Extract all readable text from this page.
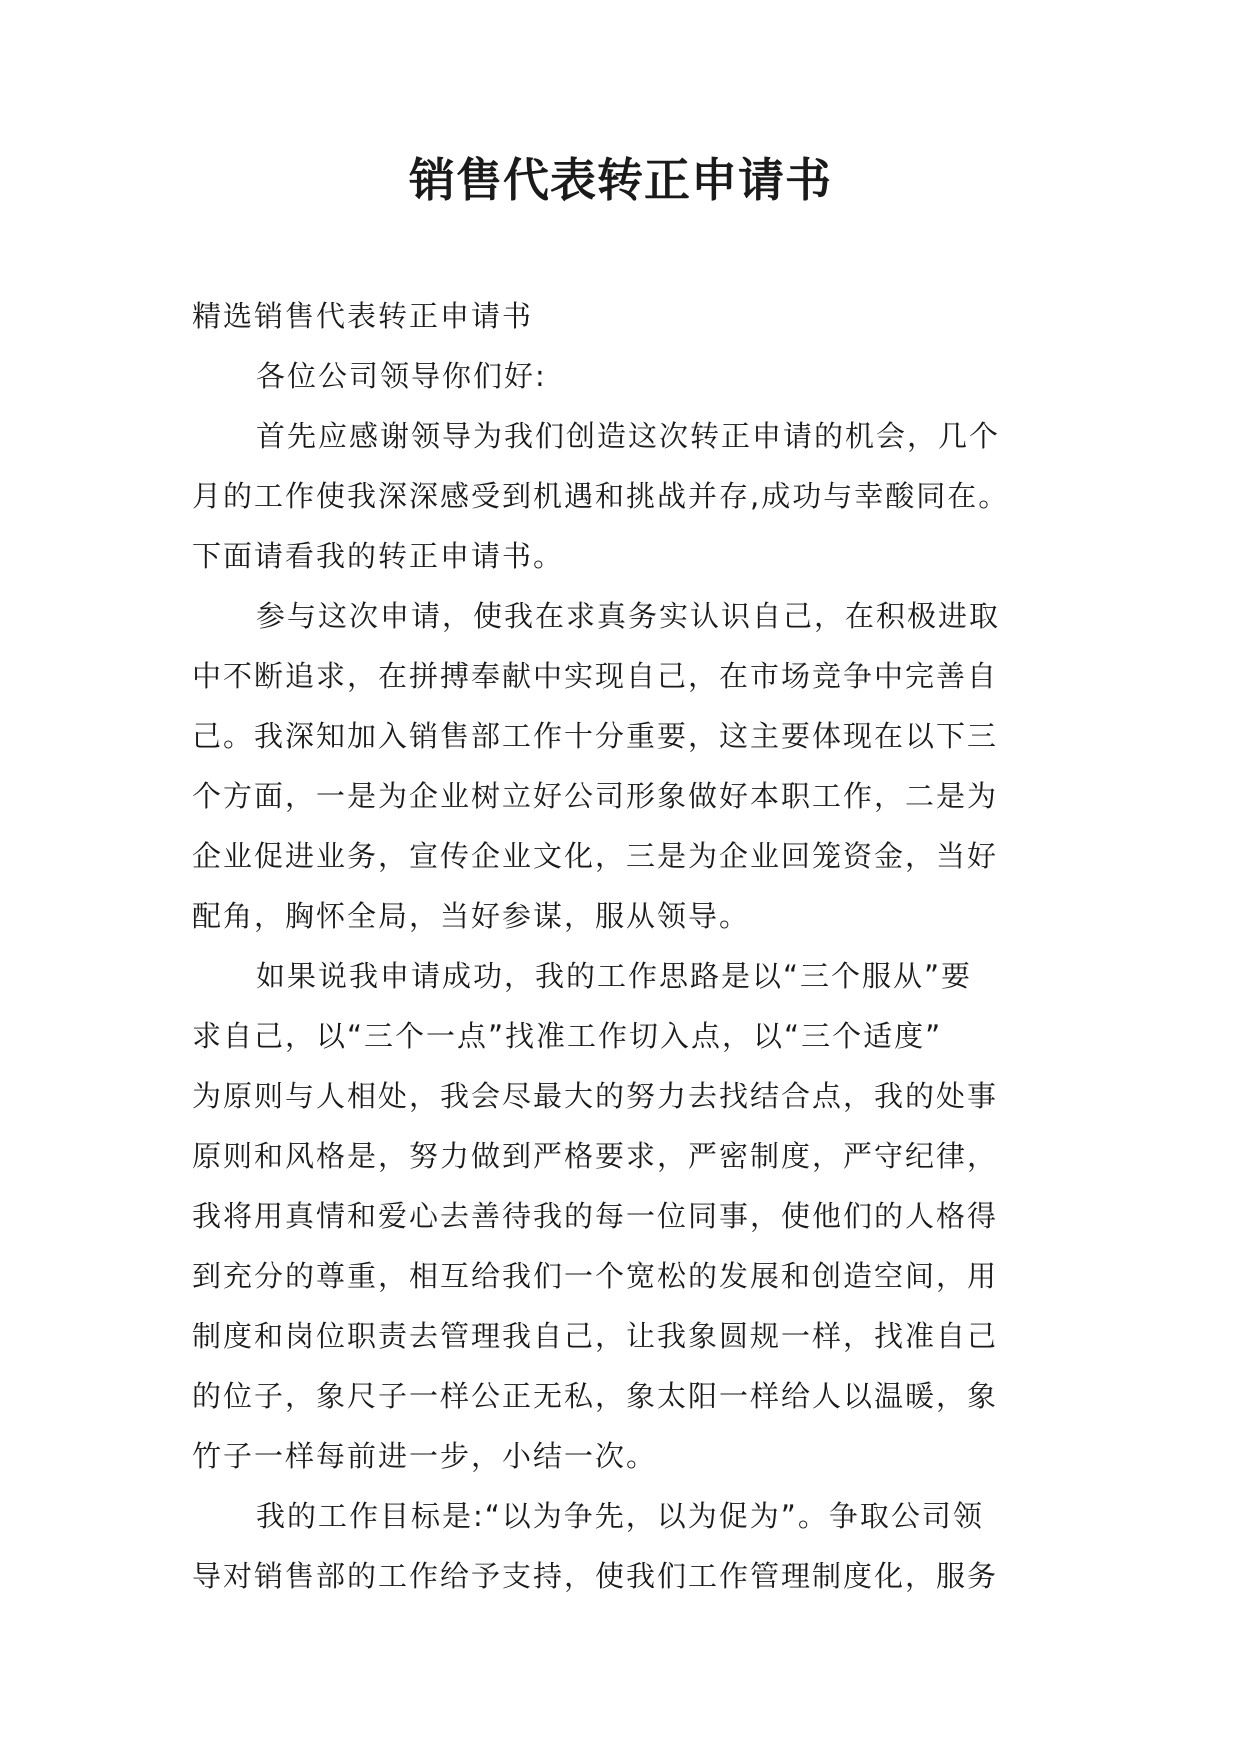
销售代表转正申请书
精选销售代表转正申请书
各位公司领导你们好:
首先应感谢领导为我们创造这次转正申请的机会，几个
月的工作使我深深感受到机遇和挑战并存,成功与幸酸同在。
下面请看我的转正申请书。
参与这次申请，使我在求真务实认识自己，在积极进取
中不断追求，在拼搏奉献中实现自己，在市场竞争中完善自
己。我深知加入销售部工作十分重要，这主要体现在以下三
个方面，一是为企业树立好公司形象做好本职工作，二是为
企业促进业务，宣传企业文化，三是为企业回笼资金，当好
配角，胸怀全局，当好参谋，服从领导。
如果说我申请成功，我的工作思路是以“三个服从”要
求自己，以“三个一点”找准工作切入点，以“三个适度”
为原则与人相处，我会尽最大的努力去找结合点，我的处事
原则和风格是，努力做到严格要求，严密制度，严守纪律，
我将用真情和爱心去善待我的每一位同事，使他们的人格得
到充分的尊重，相互给我们一个宽松的发展和创造空间，用
制度和岗位职责去管理我自己，让我象圆规一样，找准自己
的位子，象尺子一样公正无私，象太阳一样给人以温暖，象
竹子一样每前进一步，小结一次。
我的工作目标是:“以为争先，以为促为”。争取公司领
导对销售部的工作给予支持，使我们工作管理制度化，服务
